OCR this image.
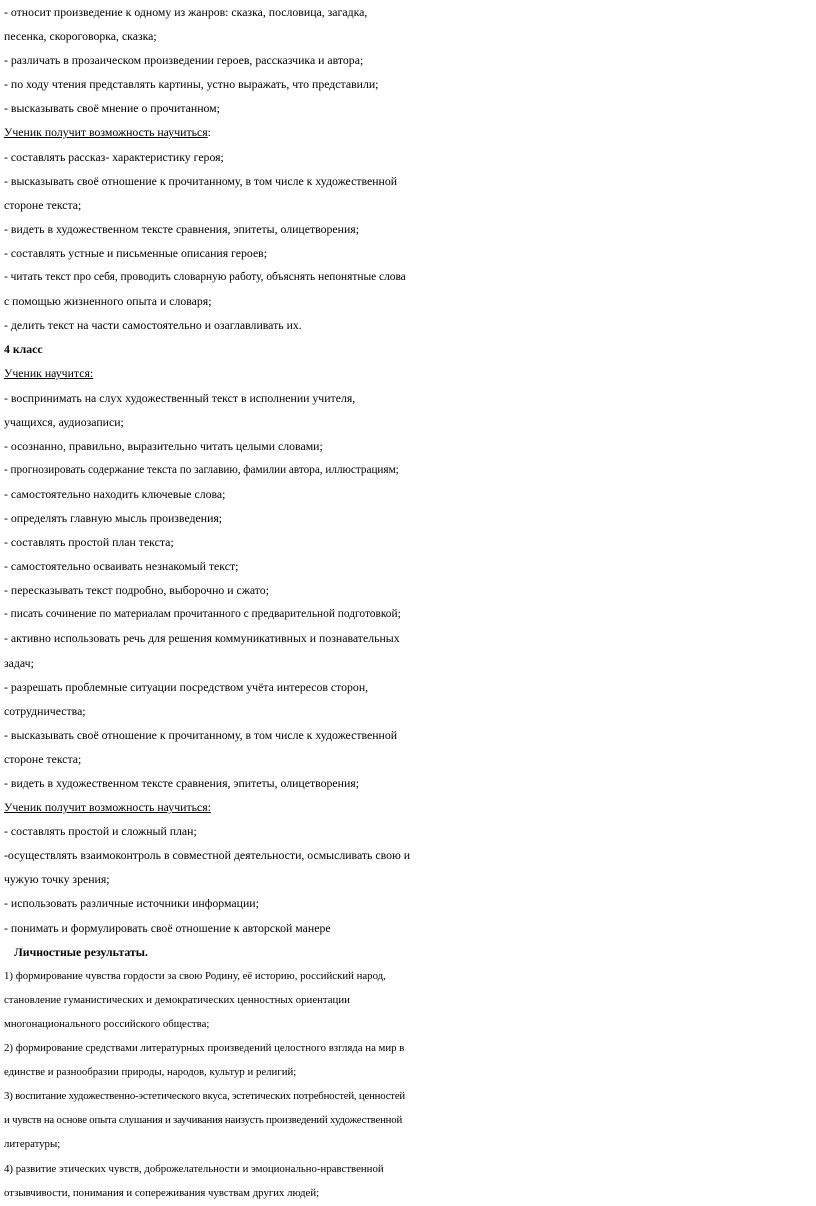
- относит произведение к одному из жанров: сказка, пословица, загадка,
песенка, скороговорка, сказка;
- различать в прозаическом произведении героев, рассказчика и автора;
- по ходу чтения представлять картины, устно выражать, что представили;
- высказывать своё мнение о прочитанном;
Ученик получит возможность научиться:
- составлять рассказ- характеристику героя;
- высказывать своё отношение к прочитанному, в том числе к художественной
стороне текста;
- видеть в художественном тексте сравнения, эпитеты, олицетворения;
- составлять устные и письменные описания героев;
- читать текст про себя, проводить словарную работу, объяснять непонятные слова
с помощью жизненного опыта и словаря;
- делить текст на части самостоятельно и озаглавливать их.
4 класс
Ученик научится:
- воспринимать на слух художественный текст в исполнении учителя,
учащихся, аудиозаписи;
- осознанно, правильно, выразительно читать целыми словами;
- прогнозировать содержание текста по заглавию, фамилии автора, иллюстрациям;
- самостоятельно находить ключевые слова;
- определять главную мысль произведения;
- составлять простой план текста;
- самостоятельно осваивать незнакомый текст;
- пересказывать текст подробно, выборочно и сжато;
- писать сочинение по материалам прочитанного с предварительной подготовкой;
- активно использовать речь для решения коммуникативных и познавательных
задач;
- разрешать проблемные ситуации посредством учёта интересов сторон,
сотрудничества;
- высказывать своё отношение к прочитанному, в том числе к художественной
стороне текста;
- видеть в художественном тексте сравнения, эпитеты, олицетворения;
Ученик получит возможность научиться:
- составлять простой и сложный план;
-осуществлять взаимоконтроль в совместной деятельности, осмысливать свою и
чужую точку зрения;
- использовать различные источники информации;
- понимать и формулировать своё отношение к авторской манере
Личностные результаты.
1) формирование чувства гордости за свою Родину, её историю, российский народ,
становление гуманистических и демократических ценностных ориентации
многонационального российского общества;
2) формирование средствами литературных произведений целостного взгляда на мир в
единстве и разнообразии природы, народов, культур и религий;
3) воспитание художественно-эстетического вкуса, эстетических потребностей, ценностей
и чувств на основе опыта слушания и заучивания наизусть произведений художественной
литературы;
4) развитие этических чувств, доброжелательности и эмоционально-нравственной
отзывчивости, понимания и сопереживания чувствам других людей;
